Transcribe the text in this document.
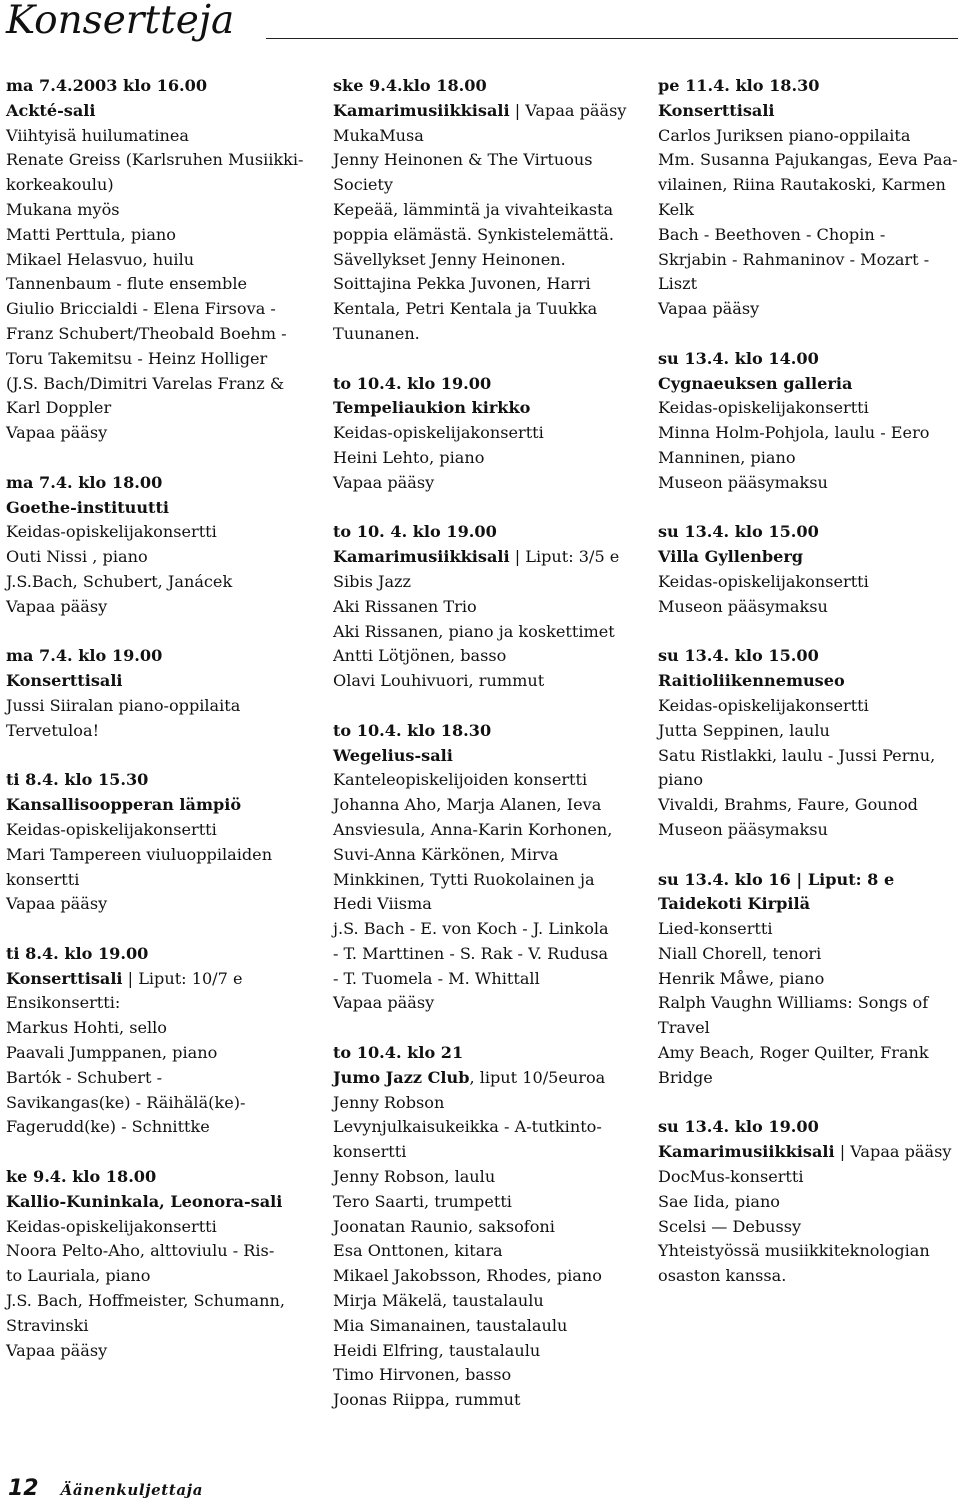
Konsertteja
ma 7.4.2003 klo 16.00
Ackté-sali
Viihtyisä huilumatinea
Renate Greiss (Karlsruhen Musiikki-
korkeakoulu)
Mukana myös
Matti Perttula, piano
Mikael Helasvuo, huilu
Tannenbaum - flute ensemble
Giulio Briccialdi - Elena Firsova -
Franz Schubert/Theobald Boehm -
Toru Takemitsu - Heinz Holliger
(J.S. Bach/Dimitri Varelas Franz &
Karl Doppler
Vapaa pääsy
ma 7.4. klo 18.00
Goethe-instituutti
Keidas-opiskelijakonsertti
Outi Nissi , piano
J.S.Bach, Schubert, Janácek
Vapaa pääsy
ma 7.4. klo 19.00
Konserttisali
Jussi Siiralan piano-oppilaita
Tervetuloa!
ti 8.4. klo 15.30
Kansallisoopperan lämpiö
Keidas-opiskelijakonsertti
Mari Tampereen viuluoppilaiden
konsertti
Vapaa pääsy
ti 8.4. klo 19.00
Konserttisali | Liput: 10/7 e
Ensikonsertti:
Markus Hohti, sello
Paavali Jumppanen, piano
Bartók - Schubert -
Savikangas(ke) - Räihälä(ke)-
Fagerudd(ke) - Schnittke
ke 9.4. klo 18.00
Kallio-Kuninkala, Leonora-sali
Keidas-opiskelijakonsertti
Noora Pelto-Aho, alttoviulu - Ris-
to Lauriala, piano
J.S. Bach, Hoffmeister, Schumann,
Stravinski
Vapaa pääsy
ske 9.4.klo 18.00
Kamarimusiikkisali | Vapaa pääsy
MukaMusa
Jenny Heinonen & The Virtuous
Society
Kepeää, lämmintä ja vivahteikasta
poppia elämästä. Synkistelemättä.
Sävellykset Jenny Heinonen.
Soittajina Pekka Juvonen, Harri
Kentala, Petri Kentala ja Tuukka
Tuunanen.
to 10.4. klo 19.00
Tempeliaukion kirkko
Keidas-opiskelijakonsertti
Heini Lehto, piano
Vapaa pääsy
to 10. 4. klo 19.00
Kamarimusiikkisali | Liput: 3/5 e
Sibis Jazz
Aki Rissanen Trio
Aki Rissanen, piano ja koskettimet
Antti Lötjönen, basso
Olavi Louhivuori, rummut
to 10.4. klo 18.30
Wegelius-sali
Kanteleopiskelijoiden konsertti
Johanna Aho, Marja Alanen, Ieva
Ansviesula, Anna-Karin Korhonen,
Suvi-Anna Kärkönen, Mirva
Minkkinen, Tytti Ruokolainen ja
Hedi Viisma
j.S. Bach - E. von Koch - J. Linkola
- T. Marttinen - S. Rak - V. Rudusa
- T. Tuomela - M. Whittall
Vapaa pääsy
to 10.4. klo 21
Jumo Jazz Club, liput 10/5euroa
Jenny Robson
Levynjulkaisukeikka - A-tutkinto-
konsertti
Jenny Robson, laulu
Tero Saarti, trumpetti
Joonatan Raunio, saksofoni
Esa Onttonen, kitara
Mikael Jakobsson, Rhodes, piano
Mirja Mäkelä, taustalaulu
Mia Simanainen, taustalaulu
Heidi Elfring, taustalaulu
Timo Hirvonen, basso
Joonas Riippa, rummut
pe 11.4. klo 18.30
Konserttisali
Carlos Juriksen piano-oppilaita
Mm. Susanna Pajukangas, Eeva Paa-
vilainen, Riina Rautakoski, Karmen
Kelk
Bach - Beethoven - Chopin -
Skrjabin - Rahmaninov - Mozart -
Liszt
Vapaa pääsy
su 13.4. klo 14.00
Cygnaeuksen galleria
Keidas-opiskelijakonsertti
Minna Holm-Pohjola, laulu - Eero
Manninen, piano
Museon pääsymaksu
su 13.4. klo 15.00
Villa Gyllenberg
Keidas-opiskelijakonsertti
Museon pääsymaksu
su 13.4. klo 15.00
Raitioliikennemuseo
Keidas-opiskelijakonsertti
Jutta Seppinen, laulu
Satu Ristlakki, laulu - Jussi Pernu,
piano
Vivaldi, Brahms, Faure, Gounod
Museon pääsymaksu
su 13.4. klo 16 | Liput: 8 e
Taidekoti Kirpilä
Lied-konsertti
Niall Chorell, tenori
Henrik Måwe, piano
Ralph Vaughn Williams: Songs of
Travel
Amy Beach, Roger Quilter, Frank
Bridge
su 13.4. klo 19.00
Kamarimusiikkisali | Vapaa pääsy
DocMus-konsertti
Sae Iida, piano
Scelsi — Debussy
Yhteistyössä musiikkiteknologian
osaston kanssa.
12 Äänenkuljettaja
